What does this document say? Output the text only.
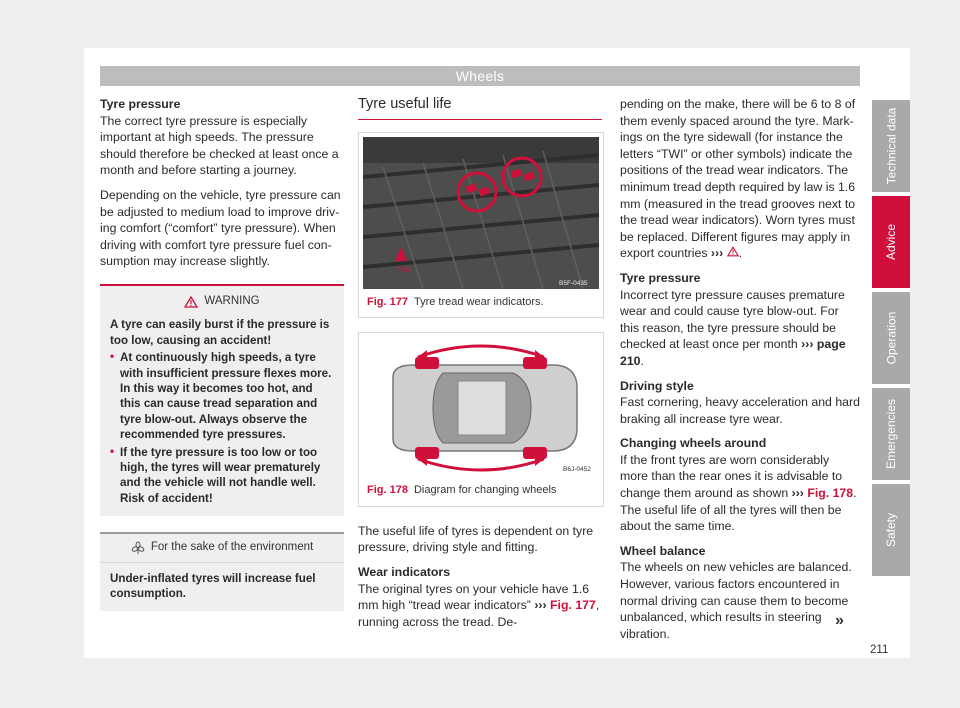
Wheels
Tyre pressure

The correct tyre pressure is especially important at high speeds. The pressure should therefore be checked at least once a month and before starting a journey.

Depending on the vehicle, tyre pressure can be adjusted to medium load to improve driving comfort (“comfort” tyre pressure). When driving with comfort tyre pressure fuel consumption may increase slightly.

WARNING
A tyre can easily burst if the pressure is too low, causing an accident!
• At continuously high speeds, a tyre with insufficient pressure flexes more. In this way it becomes too hot, and this can cause tread separation and tyre blow-out. Always observe the recommended tyre pressures.
• If the tyre pressure is too low or too high, the tyres will wear prematurely and the vehicle will not handle well. Risk of accident!
For the sake of the environment
Under-inflated tyres will increase fuel consumption.
Tyre useful life
TWI
B5F-0435
Fig. 177 Tyre tread wear indicators.
B6J-0452
Fig. 178 Diagram for changing wheels

The useful life of tyres is dependent on tyre pressure, driving style and fitting.

Wear indicators

The original tyres on your vehicle have 1.6 mm high “tread wear indicators” ››› Fig. 177, running across the tread. De-

pending on the make, there will be 6 to 8 of them evenly spaced around the tyre. Markings on the tyre sidewall (for instance the letters “TWI” or other symbols) indicate the positions of the tread wear indicators. The minimum tread depth required by law is 1.6 mm (measured in the tread grooves next to the tread wear indicators). Worn tyres must be replaced. Different figures may apply in export countries ››› .

Tyre pressure

Incorrect tyre pressure causes premature wear and could cause tyre blow-out. For this reason, the tyre pressure should be checked at least once per month ››› page 210.

Driving style

Fast cornering, heavy acceleration and hard braking all increase tyre wear.

Changing wheels around

If the front tyres are worn considerably more than the rear ones it is advisable to change them around as shown ››› Fig. 178. The useful life of all the tyres will then be about the same time.

Wheel balance

The wheels on new vehicles are balanced. However, various factors encountered in normal driving can cause them to become unbalanced, which results in steering vibration.

»
Technical data
Advice
Operation
Emergencies
Safety
211
